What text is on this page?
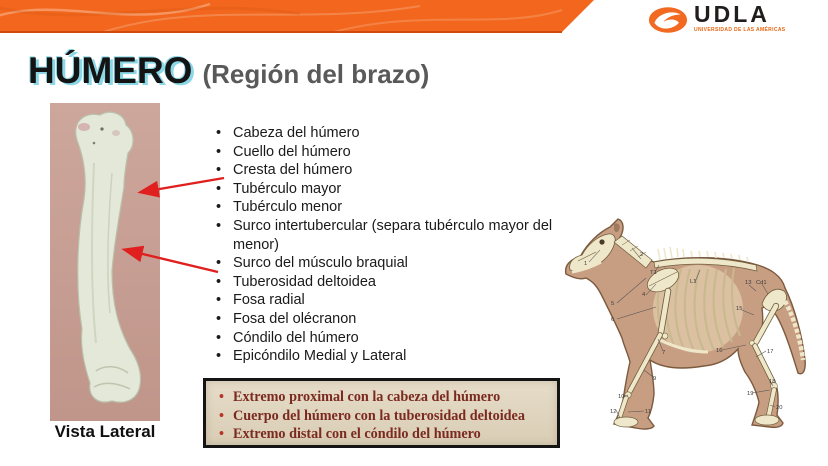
UDLA
UNIVERSIDAD DE LAS AMÉRICAS
HÚMERO (Región del brazo)
Vista Lateral
• Cabeza del húmero
• Cuello del húmero
• Cresta del húmero
• Tubérculo mayor
• Tubérculo menor
• Surco intertubercular (separa tubérculo mayor del menor)
• Surco del músculo braquial
• Tuberosidad deltoidea
• Fosa radial
• Fosa del olécranon
• Cóndilo del húmero
• Epicóndilo Medial y Lateral
• Extremo proximal con la cabeza del húmero
• Cuerpo del húmero con la tuberosidad deltoidea
• Extremo distal con el cóndilo del húmero
1
2
T1
4
5
6
7
9
10
11
12
L1	13 Cd1
15
16	17
18
19
20
